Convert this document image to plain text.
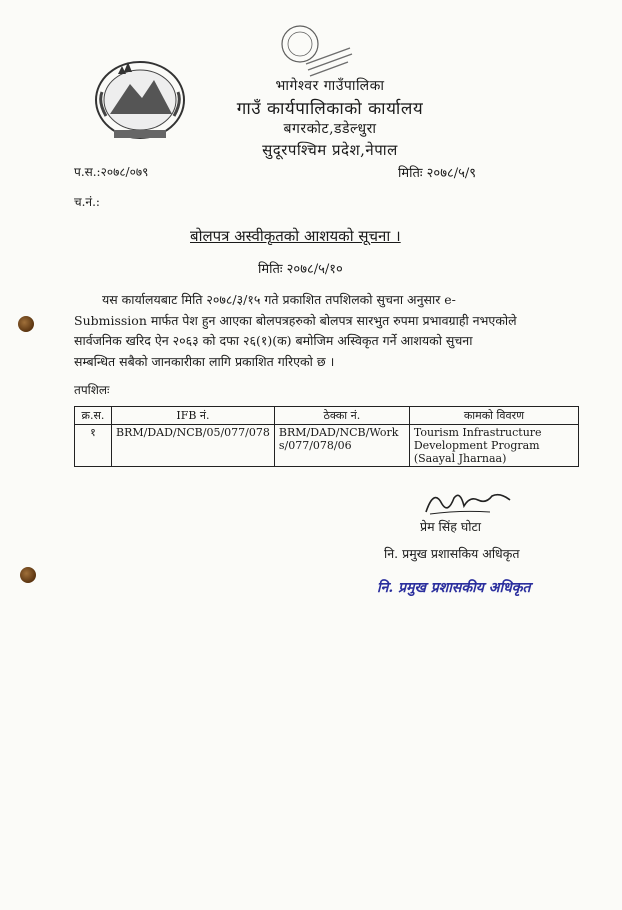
भागेश्वर गाउँपालिका
गाउँ कार्यपालिकाको कार्यालय
बगरकोट,डडेल्धुरा
सुदूरपश्चिम प्रदेश,नेपाल
प.स.:२०७८/०७९
च.नं.:
मितिः २०७८/५/९
बोलपत्र अस्वीकृतको आशयको सूचना ।
मितिः २०७८/५/१०
यस कार्यालयबाट मिति २०७८/३/१५ गते प्रकाशित तपशिलको सुचना अनुसार e-
Submission मार्फत पेश हुन आएका बोलपत्रहरुको बोलपत्र सारभुत रुपमा प्रभावग्राही नभएकोले
सार्वजनिक खरिद ऐन २०६३ को दफा २६(१)(क) बमोजिम अस्विकृत गर्ने आशयको सुचना
सम्बन्धित सबैको जानकारीका लागि प्रकाशित गरिएको छ ।
तपशिलः
क्र.स.	IFB नं.	ठेक्का नं.	कामको विवरण
१	BRM/DAD/NCB/05/077/078	BRM/DAD/NCB/Works/077/078/06	Tourism Infrastructure Development Program (Saayal Jharnaa)
प्रेम सिंह घोटा
नि. प्रमुख प्रशासकिय अधिकृत
नि. प्रमुख प्रशासकीय अधिकृत
